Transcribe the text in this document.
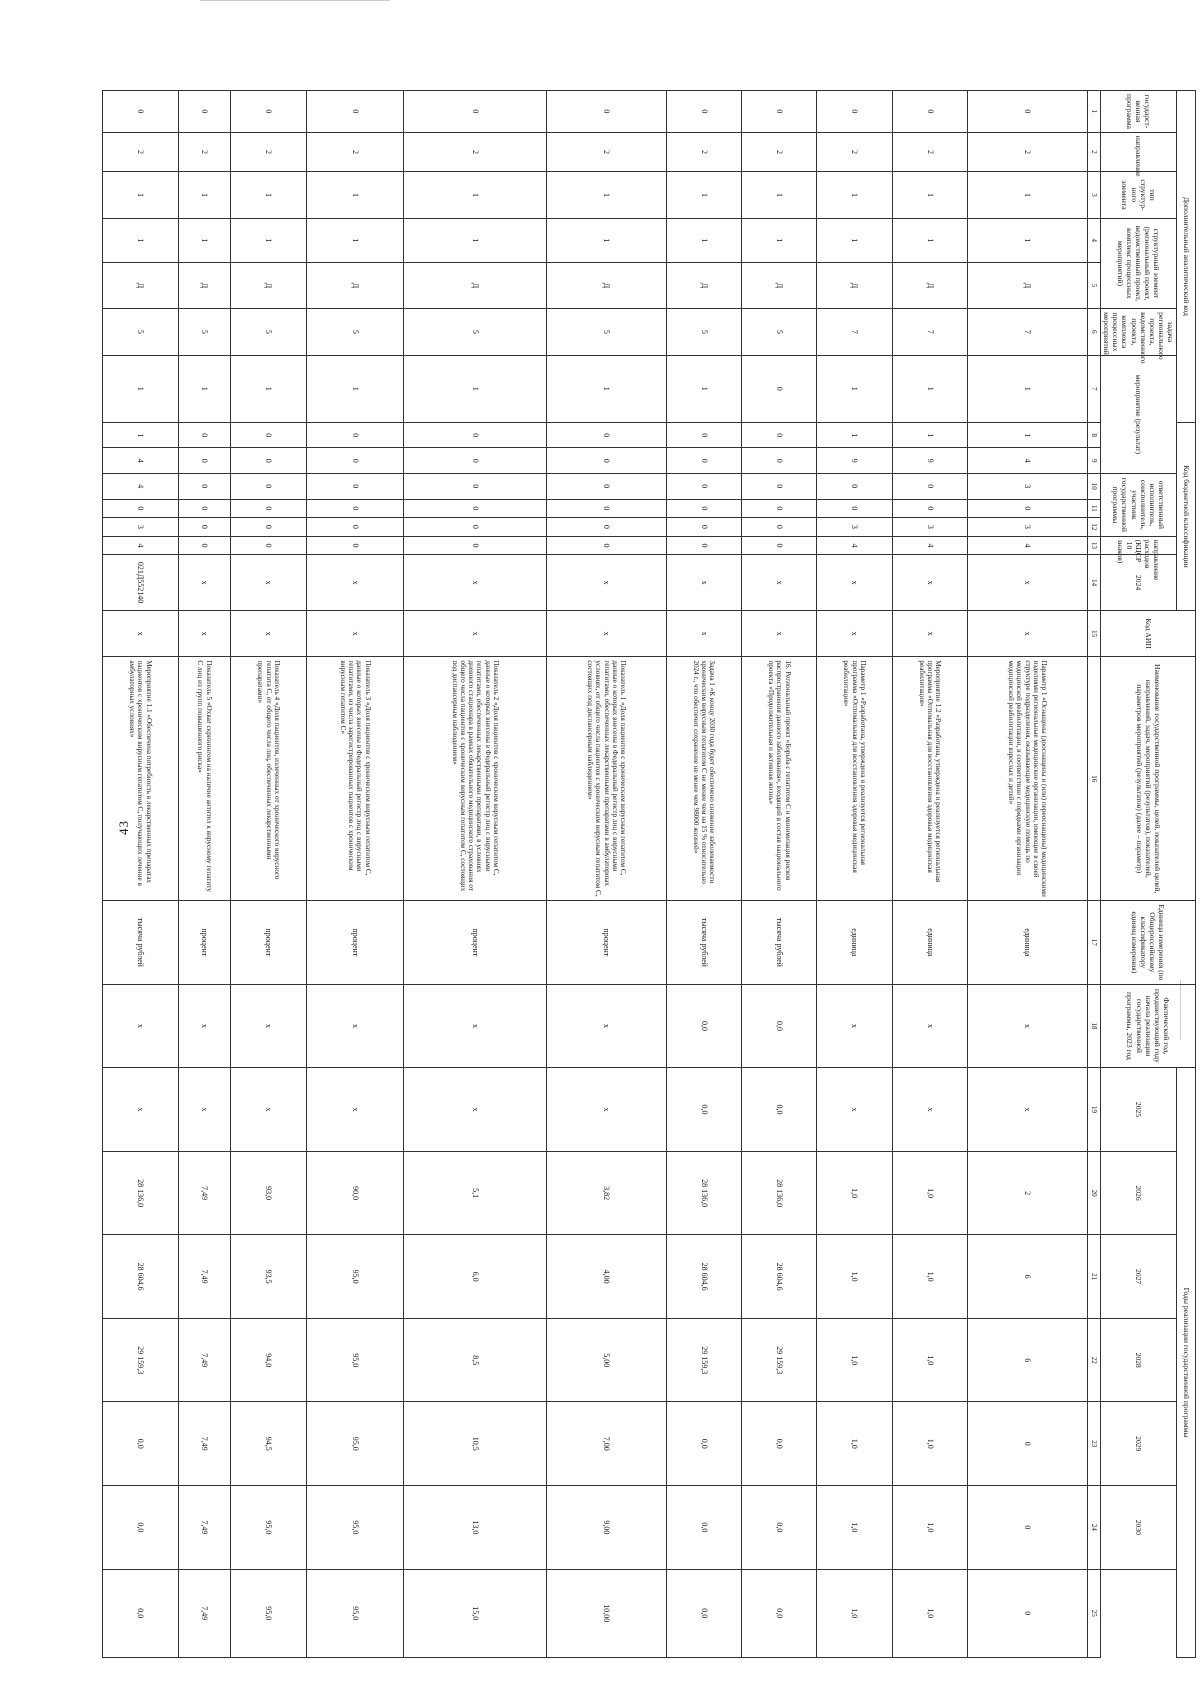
43
Дополнительный аналитический код							Код бюджетной классификации							Код АИП	Наименование государственной программы, целей, показателей целей, направлений, задач, мероприятий (результатов), показателей, параметров мероприятий (результатов) (далее – параметр)	Единица измерения (по Общероссийскому классификатору единиц измерения)	Фактический год, предшествующий году начала реализации государственной программы, 2023 год	Годы реализации государственной программы						
государст-венная программа	направление	тип структур-ного элемента	структурный элемент (региональный проект, ведомственный проект, комплекс процессных мероприятий)		задача регионального проекта, ведомственного проекта, комплекса процессных мероприятий	мероприятие (результат)			ответственный исполнитель, соисполнитель, участник государственной программы			направление расходов (КЦСР 10 знаков)	2024					2025	2026	2027	2028	2029	2030	

1	2	3	4	5	6	7	8	9	10	11	12	13	14	15	16	17	18	19	20	21	22	23	24	25
0	2	1	1	Д	7	1	1	4	3	0	3	4	х	х	Параметр 1 «Оснащены (дооснащены и (или) переоснащены) медицинскими изделиями региональные медицинские организации, имеющие в своей структуре подразделения, оказывающие медицинскую помощь по медицинской реабилитации, в соответствии с порядками организации медицинской реабилитации взрослых и детей»	единица	х	х	2	6	6	0	0	0
0	2	1	1	Д	7	1	1	9	0	0	3	4	х	х	Мероприятие 1.2 «Разработана, утверждена и реализуется региональная программа «Оптимальная для восстановления здоровья медицинская реабилитация»	единица	х	х	1,0	1,0	1,0	1,0	1,0	1,0
0	2	1	1	Д	7	1	1	9	0	0	3	4	х	х	Параметр 1 «Разработана, утверждена и реализуется региональная программа «Оптимальная для восстановления здоровья медицинская реабилитация»	единица	х	х	1,0	1,0	1,0	1,0	1,0	1,0
0	2	1	1	Д	5	0	0	0	0	0	0	0	х	х	16. Региональный проект «Борьба с гепатитом С и минимизация рисков распространения данного заболевания», входящий в состав национального проекта «Продолжительная и активная жизнь»	тысяча рублей	0,0	0,0	28 136,0	28 604,6	29 159,3	0,0	0,0	0,0
0	2	1	1	Д	5	1	0	0	0	0	0	0	х	х	Задача 1 «К концу 2030 года будет обеспечено снижение заболеваемости хроническим вирусным гепатитом С не менее чем на 15 % относительно 2024 г., что обеспечит сохранение не менее чем 98000 жизней»	тысяча рублей	0,0	0,0	28 136,0	28 604,6	29 159,3	0,0	0,0	0,0
0	2	1	1	Д	5	1	0	0	0	0	0	0	х	х	Показатель 1 «Доля пациентов с хроническим вирусным гепатитом С, данные о которых внесены в Федеральный регистр лиц с вирусными гепатитами, обеспеченных лекарственными препаратами в амбулаторных условиях, от общего числа пациентов с хроническим вирусным гепатитом С, состоящих под диспансерным наблюдением»	процент	х	х	3,82	4,00	5,00	7,00	9,00	10,00
0	2	1	1	Д	5	1	0	0	0	0	0	0	х	х	Показатель 2 «Доля пациентов с хроническим вирусным гепатитом С, данные о которых внесены в Федеральный регистр лиц с вирусными гепатитами, обеспеченных лекарственными препаратами, в условиях дневного стационара в рамках обязательного медицинского страхования от общего числа пациентов с хроническим вирусным гепатитом С, состоящих под диспансерным наблюдением»	процент	х	х	5,1	6,0	8,5	10,5	13,0	15,0
0	2	1	1	Д	5	1	0	0	0	0	0	0	х	х	Показатель 3 «Доля пациентов с хроническим вирусным гепатитом С, данные о которых внесены в Федеральный регистр лиц с вирусными гепатитами, из числа зарегистрированных пациентов с хроническим вирусным гепатитом С»	процент	х	х	90,0	95,0	95,0	95,0	95,0	95,0
0	2	1	1	Д	5	1	0	0	0	0	0	0	х	х	Показатель 4 «Доля пациентов, излеченных от хронического вирусного гепатита С, от общего числа лиц, обеспеченных лекарственными препаратами»	процент	х	х	93,0	93,5	94,0	94,5	95,0	95,0
0	2	1	1	Д	5	1	0	0	0	0	0	0	х	х	Показатель 5 «Охват скринингом на наличие антител к вирусному гепатиту С лиц из групп повышенного риска»	процент	х	х	7,49	7,49	7,49	7,49	7,49	7,49
0	2	1	1	Д	5	1	1	4	4	0	3	4	021Д552140	х	Мероприятие 1.1 «Обеспечена потребность в лекарственных препаратах пациентов с хроническим вирусным гепатитом С, получающих лечение в амбулаторных условиях»	тысяча рублей	х	х	28 136,0	28 604,6	29 159,3	0,0	0,0	0,0
